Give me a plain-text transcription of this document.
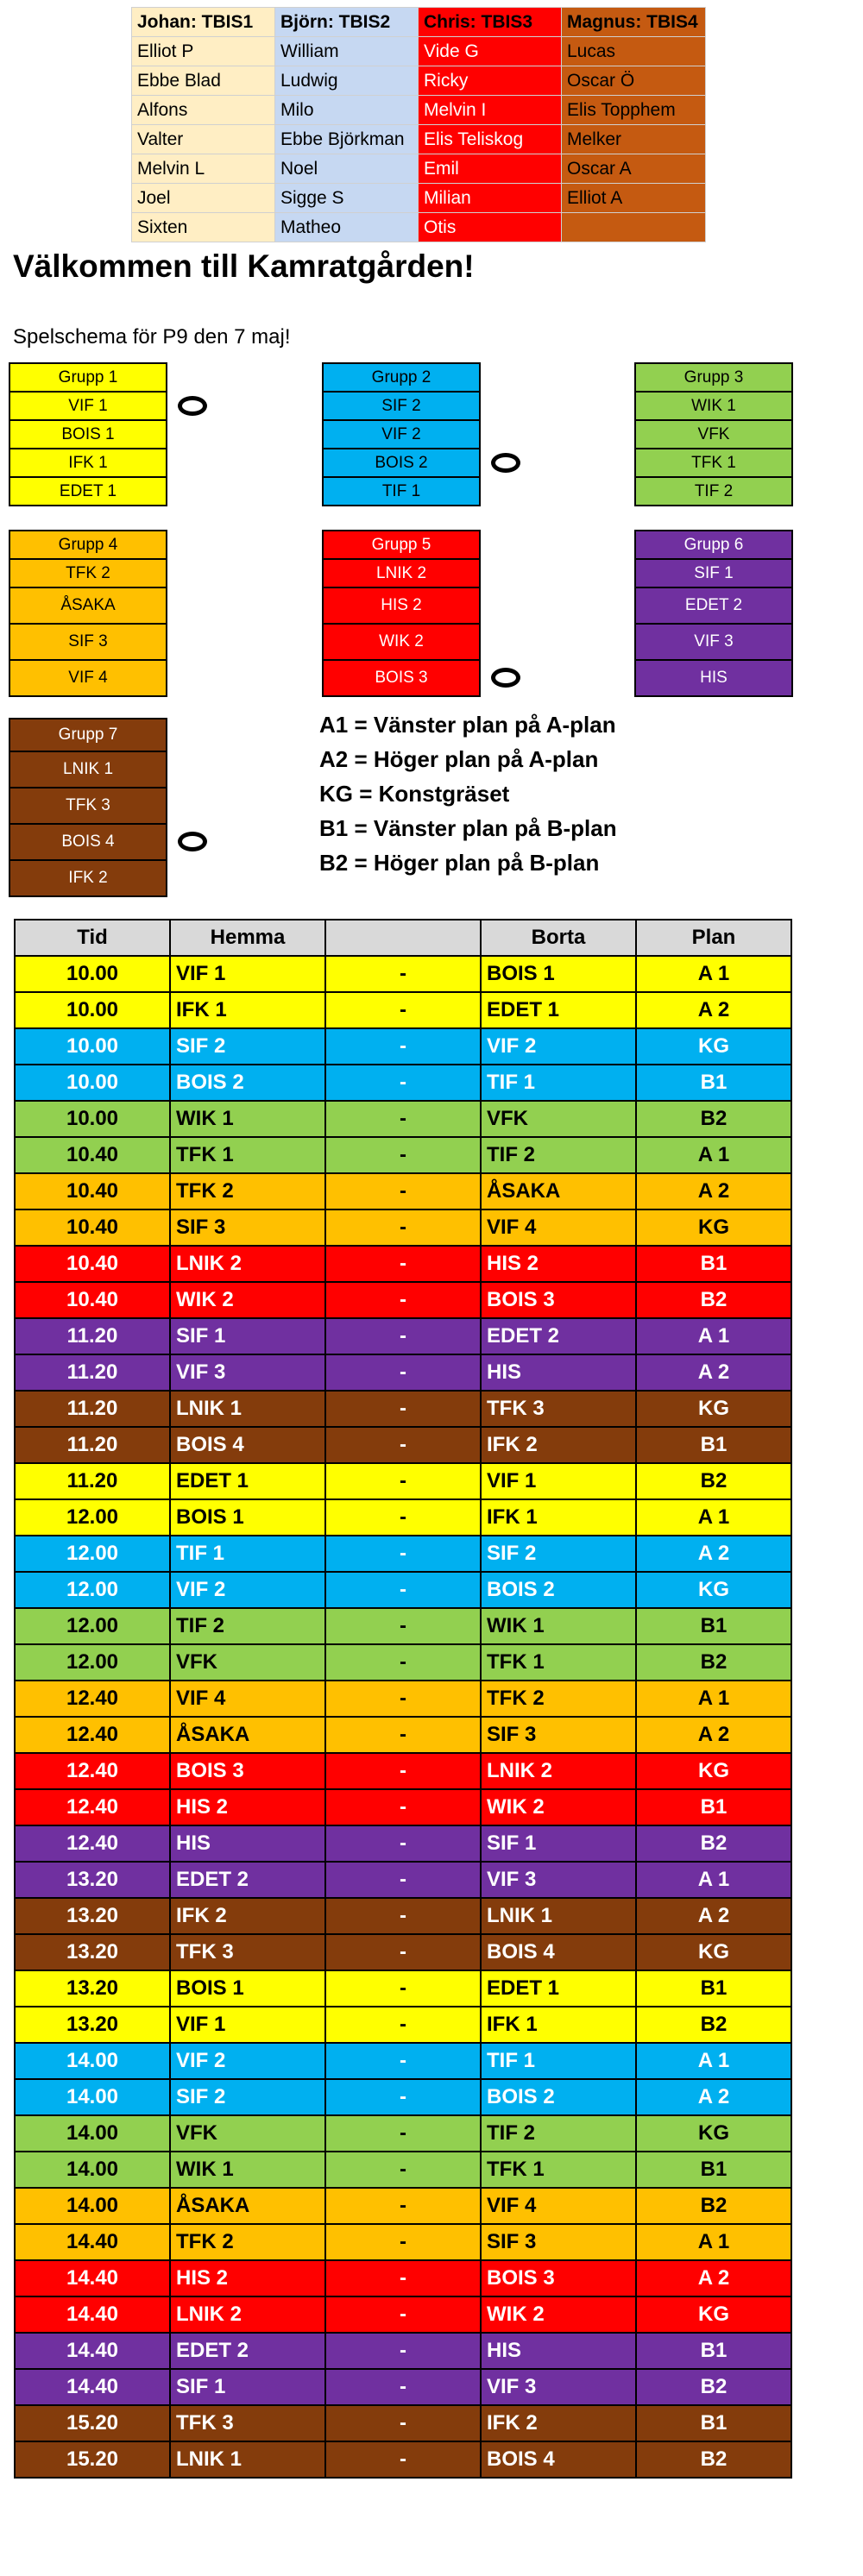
Johan: TBIS1	Björn: TBIS2	Chris: TBIS3	Magnus: TBIS4
Elliot P	William	Vide G	Lucas
Ebbe Blad	Ludwig	Ricky	Oscar Ö
Alfons	Milo	Melvin I	Elis Topphem
Valter	Ebbe Björkman	Elis Teliskog	Melker
Melvin L	Noel	Emil	Oscar A
Joel	Sigge S	Milian	Elliot A
Sixten	Matheo	Otis	
Välkommen till Kamratgården!

Spelschema för P9 den 7 maj!

Grupp 1
VIF 1
BOIS 1
IFK 1
EDET 1
Grupp 2
SIF 2
VIF 2
BOIS 2
TIF 1
Grupp 3
WIK 1
VFK
TFK 1
TIF 2
Grupp 4
TFK 2
ÅSAKA
SIF 3
VIF 4
Grupp 5
LNIK 2
HIS 2
WIK 2
BOIS 3
Grupp 6
SIF 1
EDET 2
VIF 3
HIS
Grupp 7
LNIK 1
TFK 3
BOIS 4
IFK 2
A1 = Vänster plan på A-plan
A2 = Höger plan på A-plan
KG = Konstgräset
B1 = Vänster plan på B-plan
B2 = Höger plan på B-plan
Tid	Hemma		Borta	Plan
10.00	VIF 1	-	BOIS 1	A 1
10.00	IFK 1	-	EDET 1	A 2
10.00	SIF 2	-	VIF 2	KG
10.00	BOIS 2	-	TIF 1	B1
10.00	WIK 1	-	VFK	B2
10.40	TFK 1	-	TIF 2	A 1
10.40	TFK 2	-	ÅSAKA	A 2
10.40	SIF 3	-	VIF 4	KG
10.40	LNIK 2	-	HIS 2	B1
10.40	WIK 2	-	BOIS 3	B2
11.20	SIF 1	-	EDET 2	A 1
11.20	VIF 3	-	HIS	A 2
11.20	LNIK 1	-	TFK 3	KG
11.20	BOIS 4	-	IFK 2	B1
11.20	EDET 1	-	VIF 1	B2
12.00	BOIS 1	-	IFK 1	A 1
12.00	TIF 1	-	SIF 2	A 2
12.00	VIF 2	-	BOIS 2	KG
12.00	TIF 2	-	WIK 1	B1
12.00	VFK	-	TFK 1	B2
12.40	VIF 4	-	TFK 2	A 1
12.40	ÅSAKA	-	SIF 3	A 2
12.40	BOIS 3	-	LNIK 2	KG
12.40	HIS 2	-	WIK 2	B1
12.40	HIS	-	SIF 1	B2
13.20	EDET 2	-	VIF 3	A 1
13.20	IFK 2	-	LNIK 1	A 2
13.20	TFK 3	-	BOIS 4	KG
13.20	BOIS 1	-	EDET 1	B1
13.20	VIF 1	-	IFK 1	B2
14.00	VIF 2	-	TIF 1	A 1
14.00	SIF 2	-	BOIS 2	A 2
14.00	VFK	-	TIF 2	KG
14.00	WIK 1	-	TFK 1	B1
14.00	ÅSAKA	-	VIF 4	B2
14.40	TFK 2	-	SIF 3	A 1
14.40	HIS 2	-	BOIS 3	A 2
14.40	LNIK 2	-	WIK 2	KG
14.40	EDET 2	-	HIS	B1
14.40	SIF 1	-	VIF 3	B2
15.20	TFK 3	-	IFK 2	B1
15.20	LNIK 1	-	BOIS 4	B2
